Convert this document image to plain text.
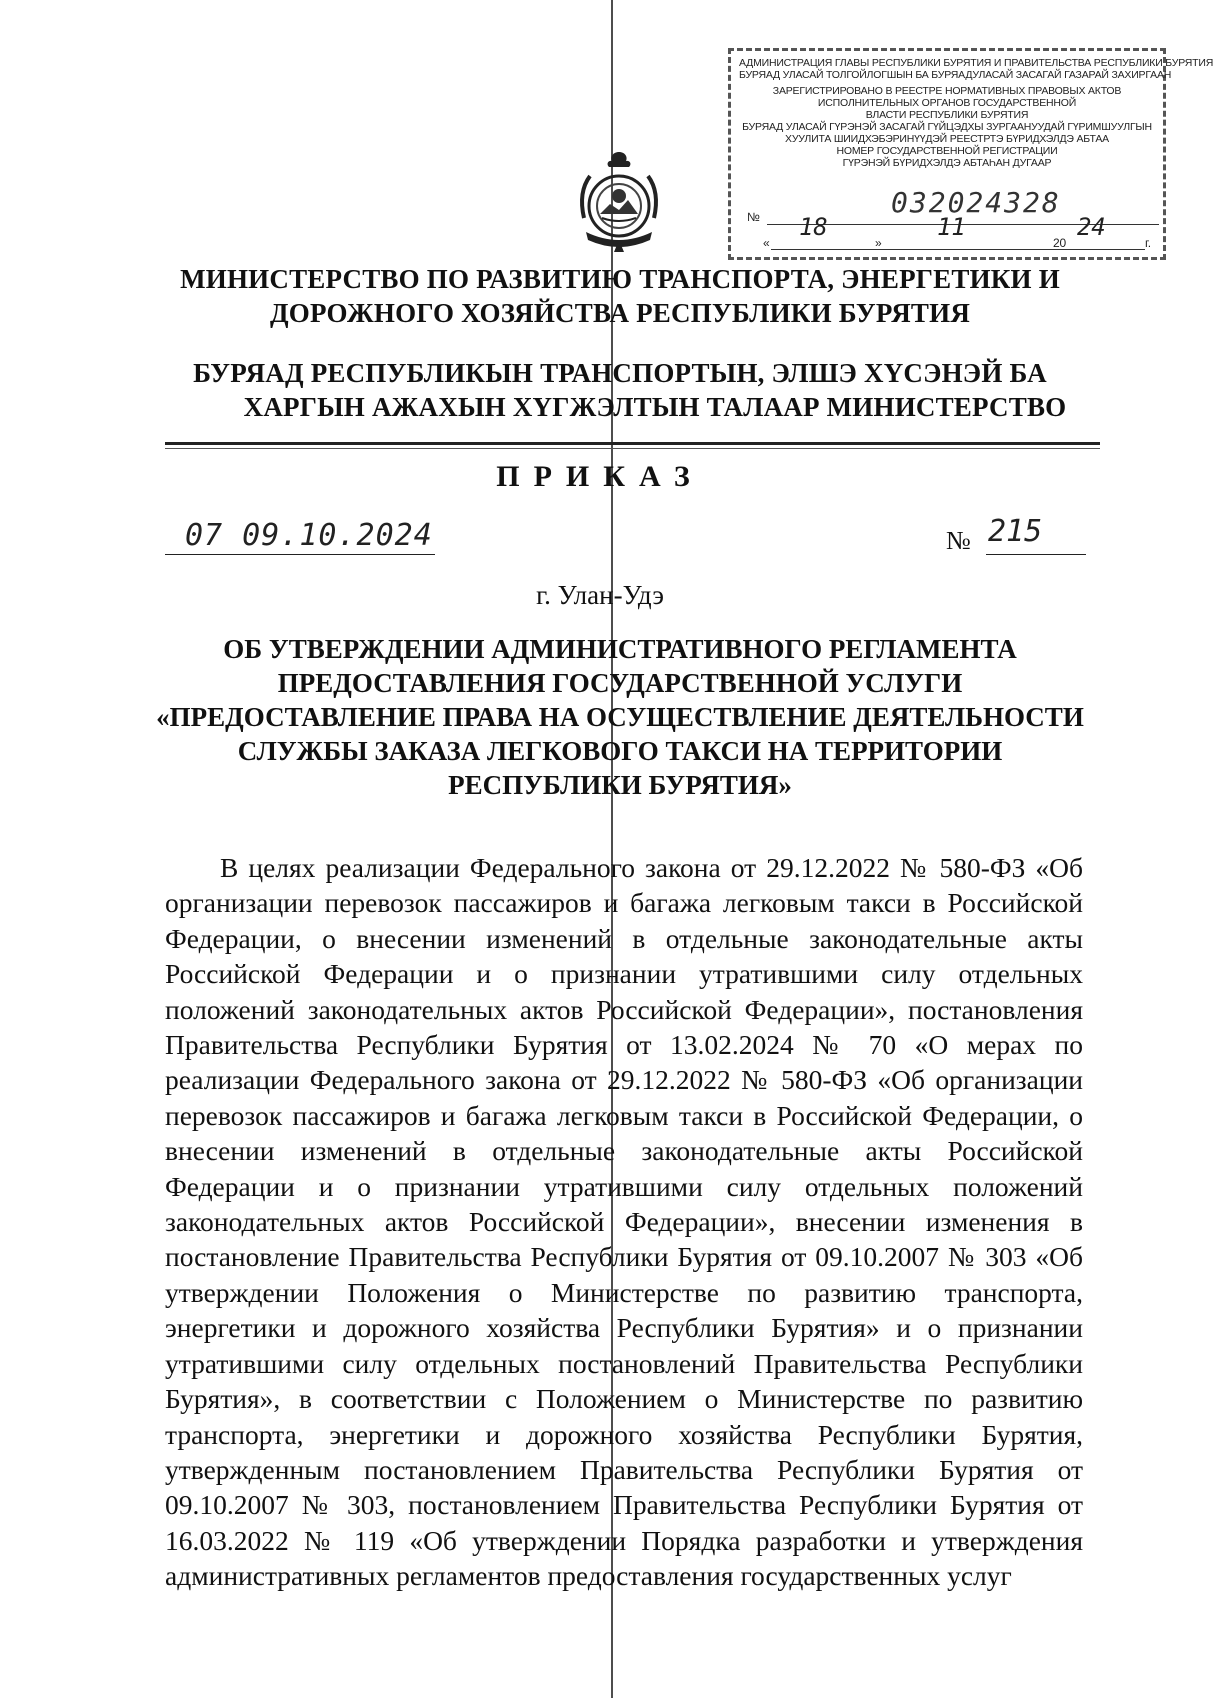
АДМИНИСТРАЦИЯ ГЛАВЫ РЕСПУБЛИКИ БУРЯТИЯ И ПРАВИТЕЛЬСТВА РЕСПУБЛИКИ БУРЯТИЯ
БУРЯАД УЛАСАЙ ТОЛГОЙЛОГШЫН БА БУРЯАДУЛАСАЙ ЗАСАГАЙ ГАЗАРАЙ ЗАХИРГААН
ЗАРЕГИСТРИРОВАНО В РЕЕСТРЕ НОРМАТИВНЫХ ПРАВОВЫХ АКТОВ
ИСПОЛНИТЕЛЬНЫХ ОРГАНОВ ГОСУДАРСТВЕННОЙ
ВЛАСТИ РЕСПУБЛИКИ БУРЯТИЯ
БУРЯАД УЛАСАЙ ГҮРЭНЭЙ ЗАСАГАЙ ГҮЙЦЭДХЫ ЗУРГААНУУДАЙ ГҮРИМШУУЛГЫН
ХУУЛИТА ШИИДХЭБЭРИНҮҮДЭЙ РЕЕСТРТЭ БҮРИДХЭЛДЭ АБТАА
НОМЕР ГОСУДАРСТВЕННОЙ РЕГИСТРАЦИИ
ГҮРЭНЭЙ БҮРИДХЭЛДЭ АБТАҺАН ДУГААР
№	032024328
«
18
»
11
20
24
г.
МИНИСТЕРСТВО ПО РАЗВИТИЮ ТРАНСПОРТА, ЭНЕРГЕТИКИ И
ДОРОЖНОГО ХОЗЯЙСТВА РЕСПУБЛИКИ БУРЯТИЯ
БУРЯАД РЕСПУБЛИКЫН ТРАНСПОРТЫН, ЭЛШЭ ХҮСЭНЭЙ БА
ХАРГЫН АЖАХЫН ХҮГЖЭЛТЫН ТАЛААР МИНИСТЕРСТВО
ПРИКАЗ
07 09.10.2024	№ 215
г. Улан-Удэ
ОБ УТВЕРЖДЕНИИ АДМИНИСТРАТИВНОГО РЕГЛАМЕНТА
ПРЕДОСТАВЛЕНИЯ ГОСУДАРСТВЕННОЙ УСЛУГИ
«ПРЕДОСТАВЛЕНИЕ ПРАВА НА ОСУЩЕСТВЛЕНИЕ ДЕЯТЕЛЬНОСТИ
СЛУЖБЫ ЗАКАЗА ЛЕГКОВОГО ТАКСИ НА ТЕРРИТОРИИ
РЕСПУБЛИКИ БУРЯТИЯ»

В целях реализации Федерального закона от 29.12.2022 № 580-ФЗ «Об организации перевозок пассажиров и багажа легковым такси в Российской Федерации, о внесении изменений в отдельные законодательные акты Российской Федерации и о признании утратившими силу отдельных положений законодательных актов Российской Федерации», постановления Правительства Республики Бурятия от 13.02.2024 № 70 «О мерах по реализации Федерального закона от 29.12.2022 № 580-ФЗ «Об организации перевозок пассажиров и багажа легковым такси в Российской Федерации, о внесении изменений в отдельные законодательные акты Российской Федерации и о признании утратившими силу отдельных положений законодательных актов Российской Федерации», внесении изменения в постановление Правительства Республики Бурятия от 09.10.2007 № 303 «Об утверждении Положения о Министерстве по развитию транспорта, энергетики и дорожного хозяйства Республики Бурятия» и о признании утратившими силу отдельных постановлений Правительства Республики Бурятия», в соответствии с Положением о Министерстве по развитию транспорта, энергетики и дорожного хозяйства Республики Бурятия, утвержденным постановлением Правительства Республики Бурятия от 09.10.2007 № 303, постановлением Правительства Республики Бурятия от 16.03.2022 № 119 «Об утверждении Порядка разработки и утверждения административных регламентов предоставления государственных услуг
